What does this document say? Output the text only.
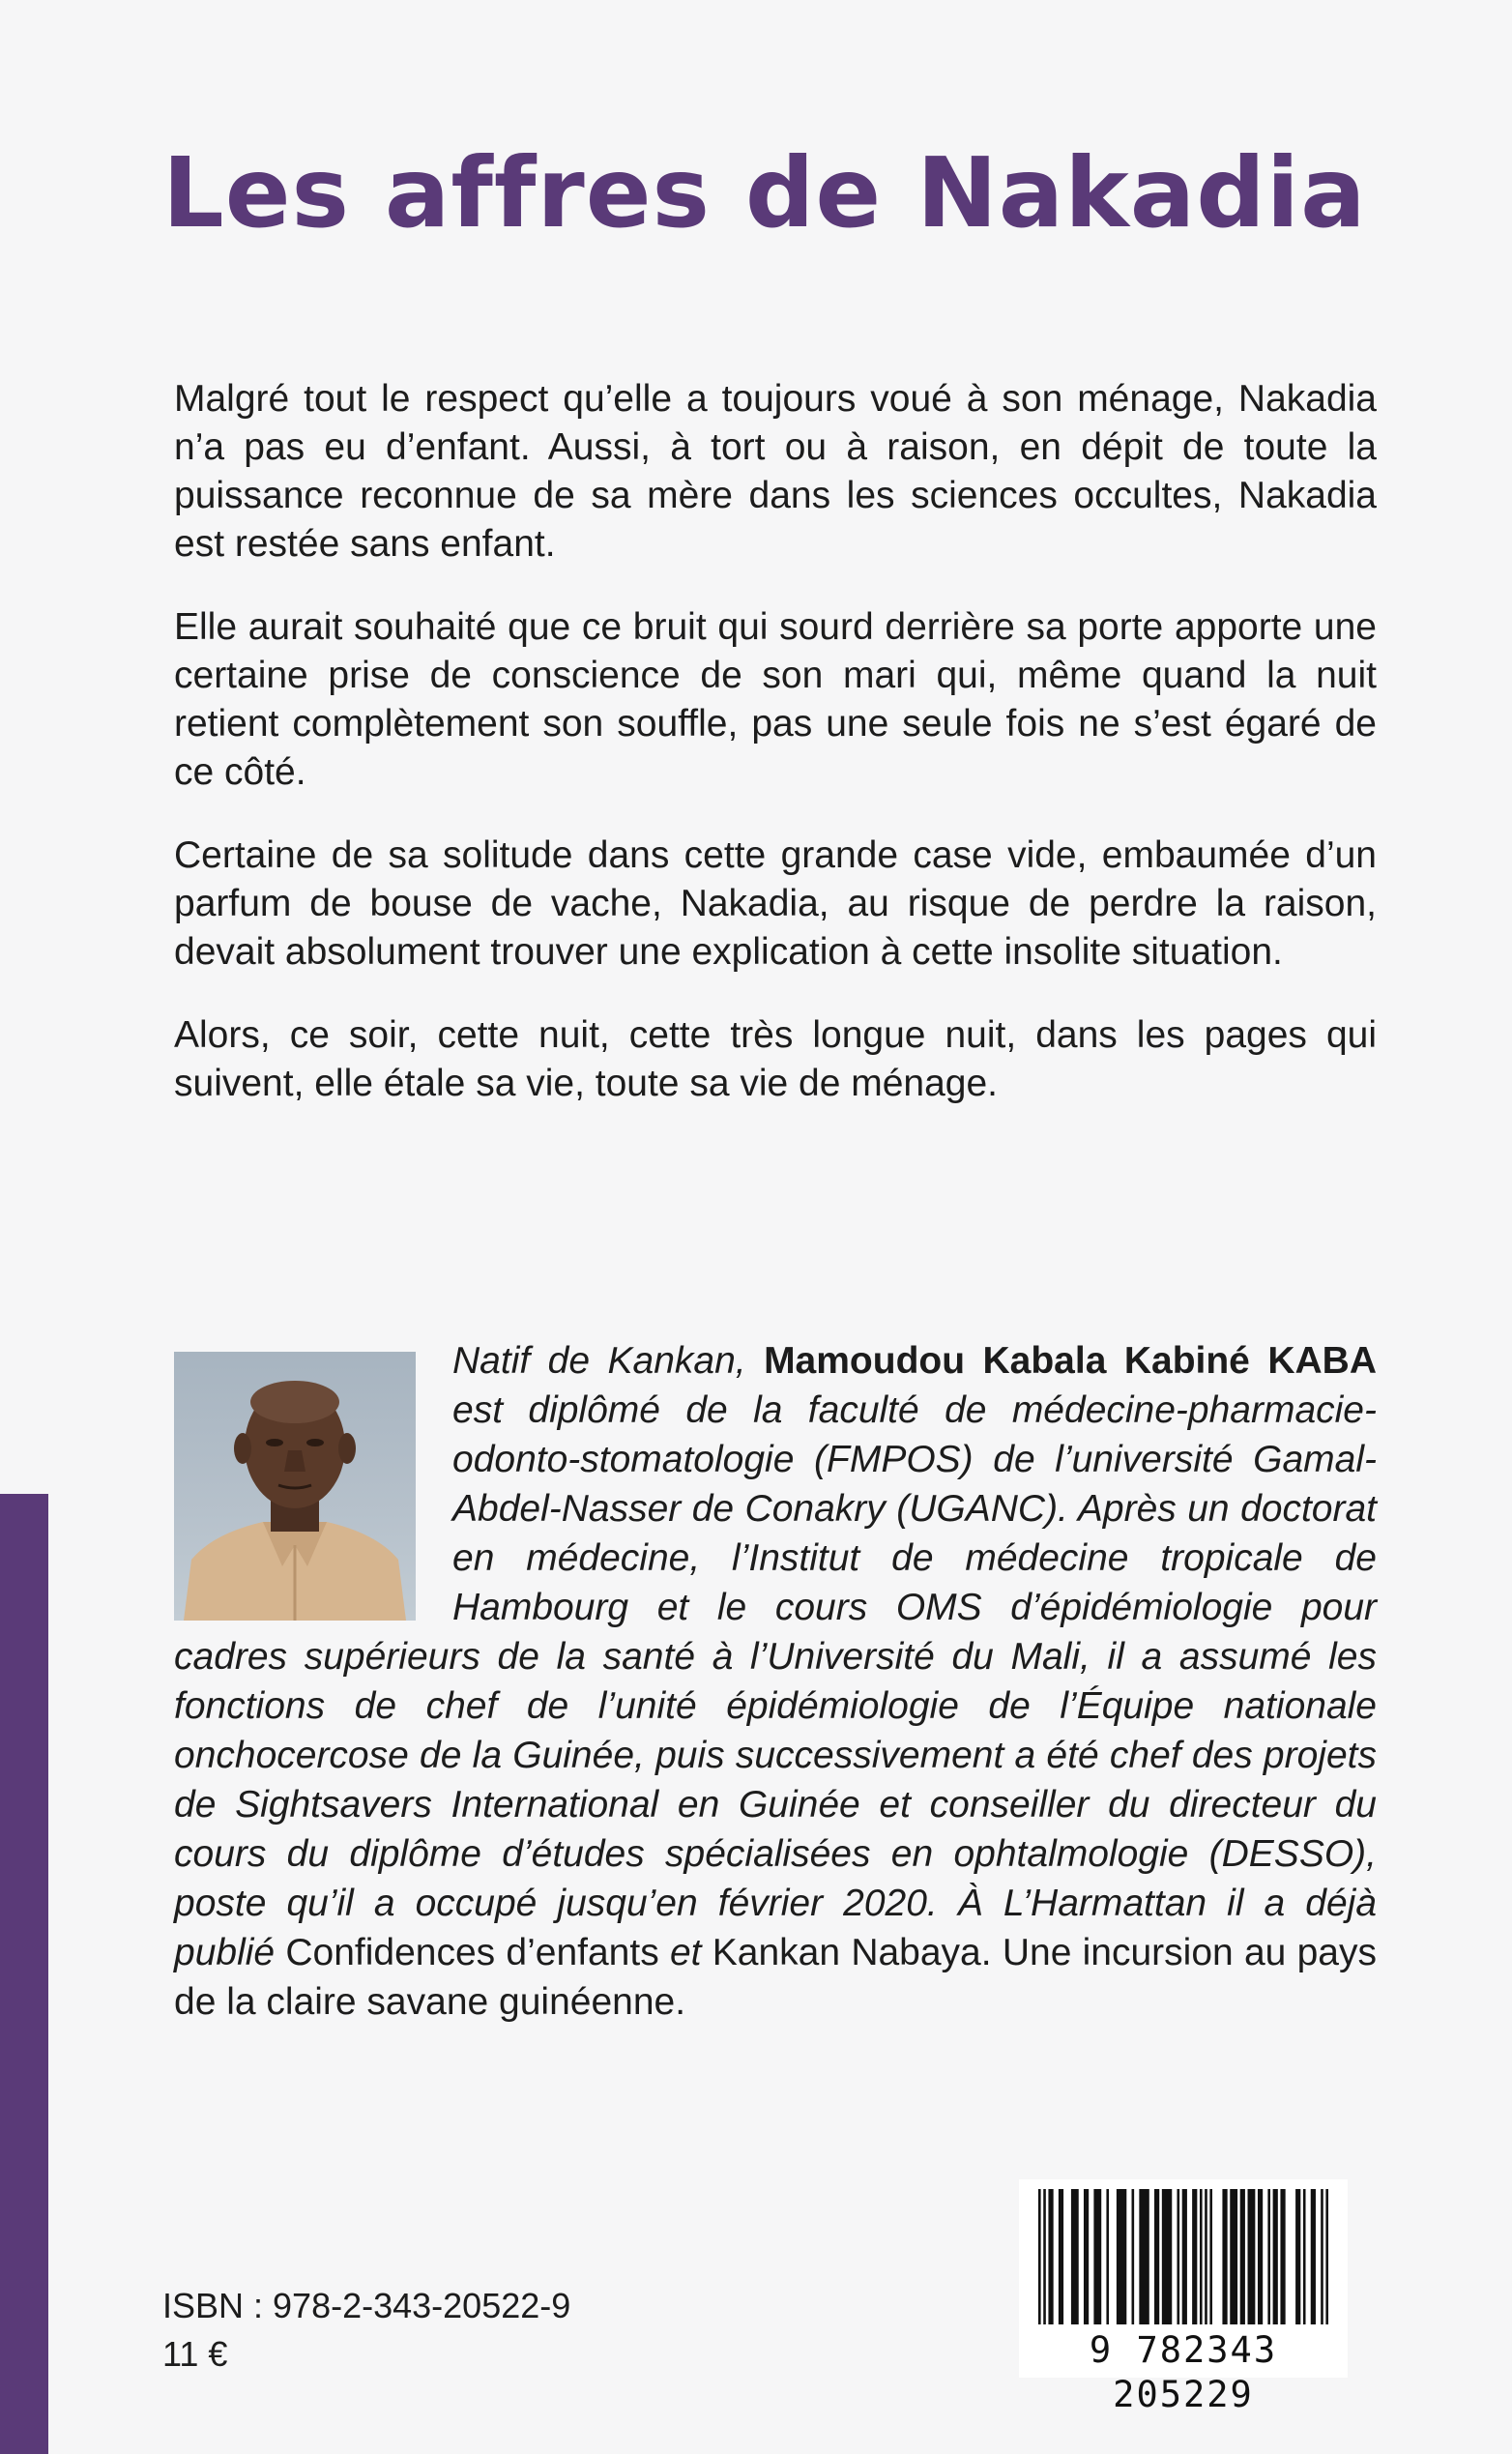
Les affres de Nakadia

Malgré tout le respect qu’elle a toujours voué à son ménage, Nakadia n’a pas eu d’enfant. Aussi, à tort ou à raison, en dépit de toute la puissance reconnue de sa mère dans les sciences occultes, Nakadia est restée sans enfant.

Elle aurait souhaité que ce bruit qui sourd derrière sa porte apporte une certaine prise de conscience de son mari qui, même quand la nuit retient complètement son souffle, pas une seule fois ne s’est égaré de ce côté.

Certaine de sa solitude dans cette grande case vide, embaumée d’un parfum de bouse de vache, Nakadia, au risque de perdre la raison, devait absolument trouver une explication à cette insolite situation.

Alors, ce soir, cette nuit, cette très longue nuit, dans les pages qui suivent, elle étale sa vie, toute sa vie de ménage.

Natif de Kankan, Mamoudou Kabala Kabiné KABA est diplômé de la faculté de médecine-pharmacie-odonto-stomatologie (FMPOS) de l’université Gamal-Abdel-Nasser de Conakry (UGANC). Après un doctorat en médecine, l’Institut de médecine tropicale de Hambourg et le cours OMS d’épidémiologie pour cadres supérieurs de la santé à l’Université du Mali, il a assumé les fonctions de chef de l’unité épidémiologie de l’Équipe nationale onchocercose de la Guinée, puis successivement a été chef des projets de Sightsavers International en Guinée et conseiller du directeur du cours du diplôme d’études spécialisées en ophtalmologie (DESSO), poste qu’il a occupé jusqu’en février 2020. À L’Harmattan il a déjà publié Confidences d’enfants et Kankan Nabaya. Une incursion au pays de la claire savane guinéenne.
ISBN : 978-2-343-20522-9
11 €	9 782343 205229
